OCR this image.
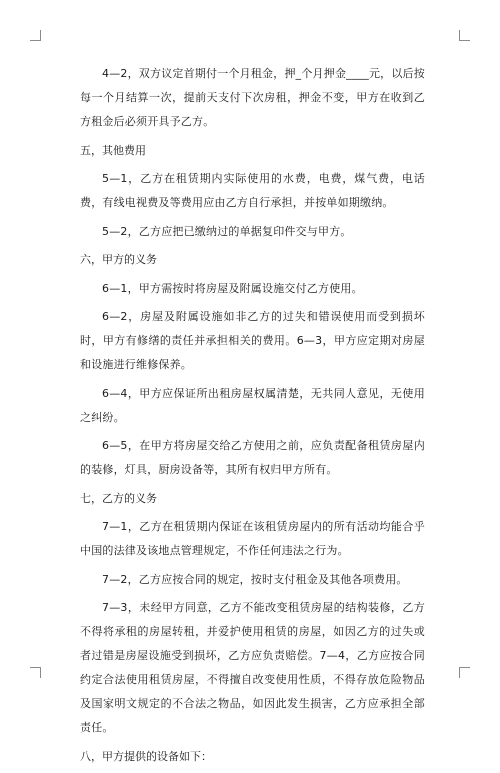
4—2，双方议定首期付一个月租金，押_个月押金____元，以后按每一个月结算一次，提前天支付下次房租，押金不变，甲方在收到乙方租金后必须开具予乙方。

五，其他费用

5—1，乙方在租赁期内实际使用的水费，电费，煤气费，电话费，有线电视费及等费用应由乙方自行承担，并按单如期缴纳。

5—2，乙方应把已缴纳过的单据复印件交与甲方。

六，甲方的义务

6—1，甲方需按时将房屋及附属设施交付乙方使用。

6—2，房屋及附属设施如非乙方的过失和错误使用而受到损坏时，甲方有修缮的责任并承担相关的费用。6—3，甲方应定期对房屋和设施进行维修保养。

6—4，甲方应保证所出租房屋权属清楚，无共同人意见，无使用之纠纷。

6—5，在甲方将房屋交给乙方使用之前，应负责配备租赁房屋内的装修，灯具，厨房设备等，其所有权归甲方所有。

七，乙方的义务

7—1，乙方在租赁期内保证在该租赁房屋内的所有活动均能合乎中国的法律及该地点管理规定，不作任何违法之行为。

7—2，乙方应按合同的规定，按时支付租金及其他各项费用。

7—3，未经甲方同意，乙方不能改变租赁房屋的结构装修，乙方不得将承租的房屋转租，并爱护使用租赁的房屋，如因乙方的过失或者过错是房屋设施受到损坏，乙方应负责赔偿。7—4，乙方应按合同约定合法使用租赁房屋，不得擅自改变使用性质，不得存放危险物品及国家明文规定的不合法之物品，如因此发生损害，乙方应承担全部责任。

八，甲方提供的设备如下：
